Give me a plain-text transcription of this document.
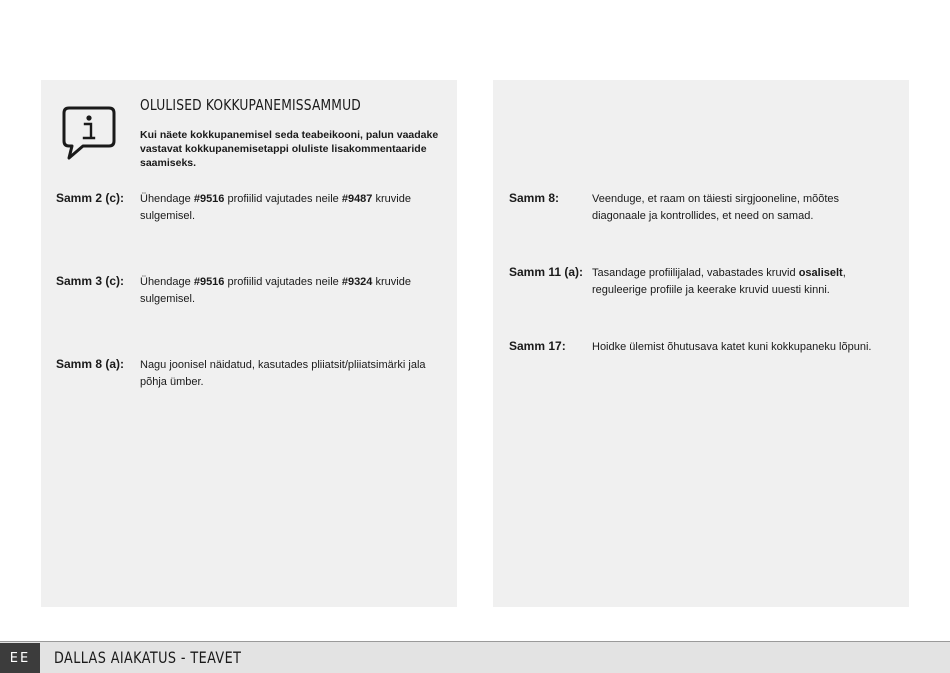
OLULISED KOKKUPANEMISSAMMUD
Kui näete kokkupanemisel seda teabeikooni, palun vaadake vastavat kokkupanemisetappi oluliste lisakommentaaride saamiseks.
Samm 2 (c): Ühendage #9516 profiilid vajutades neile #9487 kruvide sulgemisel.
Samm 3 (c): Ühendage #9516 profiilid vajutades neile #9324 kruvide sulgemisel.
Samm 8 (a): Nagu joonisel näidatud, kasutades pliiatsit/pliiatsimärki jala põhja ümber.
Samm 8:	Veenduge, et raam on täiesti sirgjooneline, mõõtes diagonaale ja kontrollides, et need on samad.
Samm 11 (a): Tasandage profiilijalad, vabastades kruvid osaliselt, reguleerige profiile ja keerake kruvid uuesti kinni.
Samm 17: Hoidke ülemist õhutusava katet kuni kokkupaneku lõpuni.
EE	DALLAS AIAKATUS - TEAVET
